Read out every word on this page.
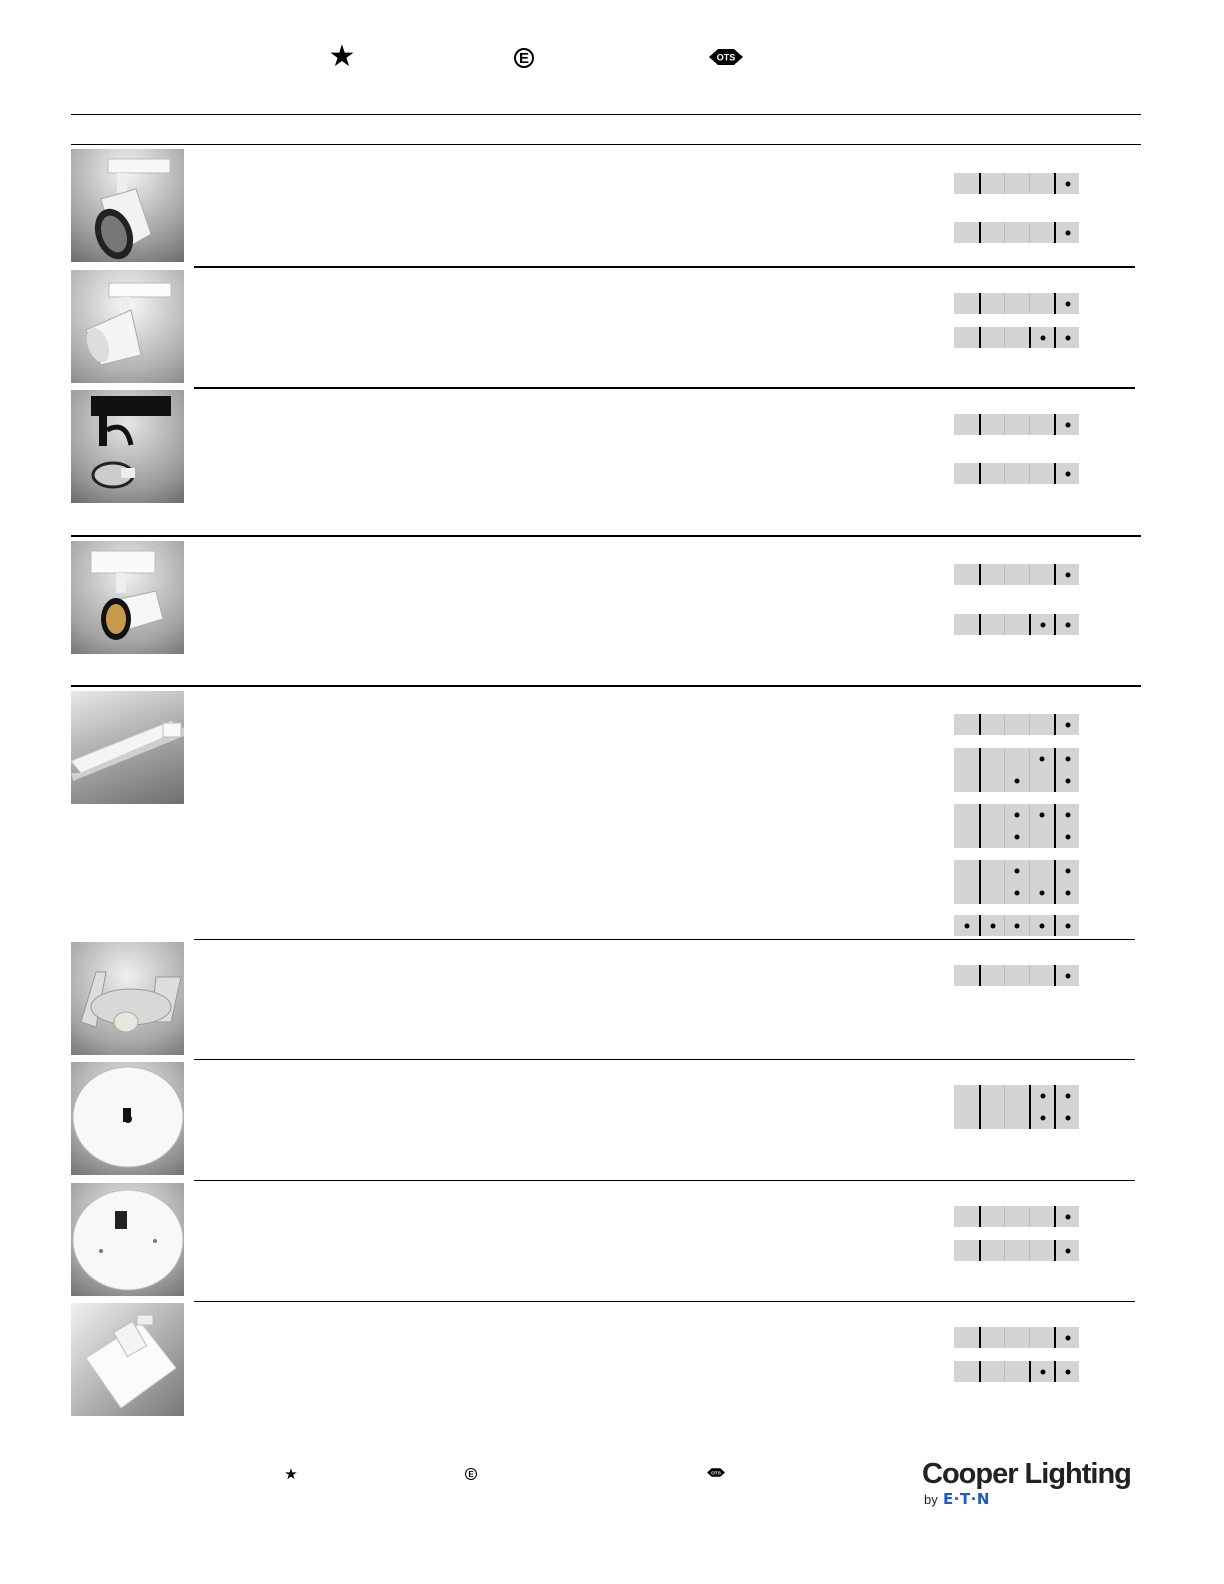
★	E	OTS
★	E	OTS	Cooper Lighting
by E·T·N
